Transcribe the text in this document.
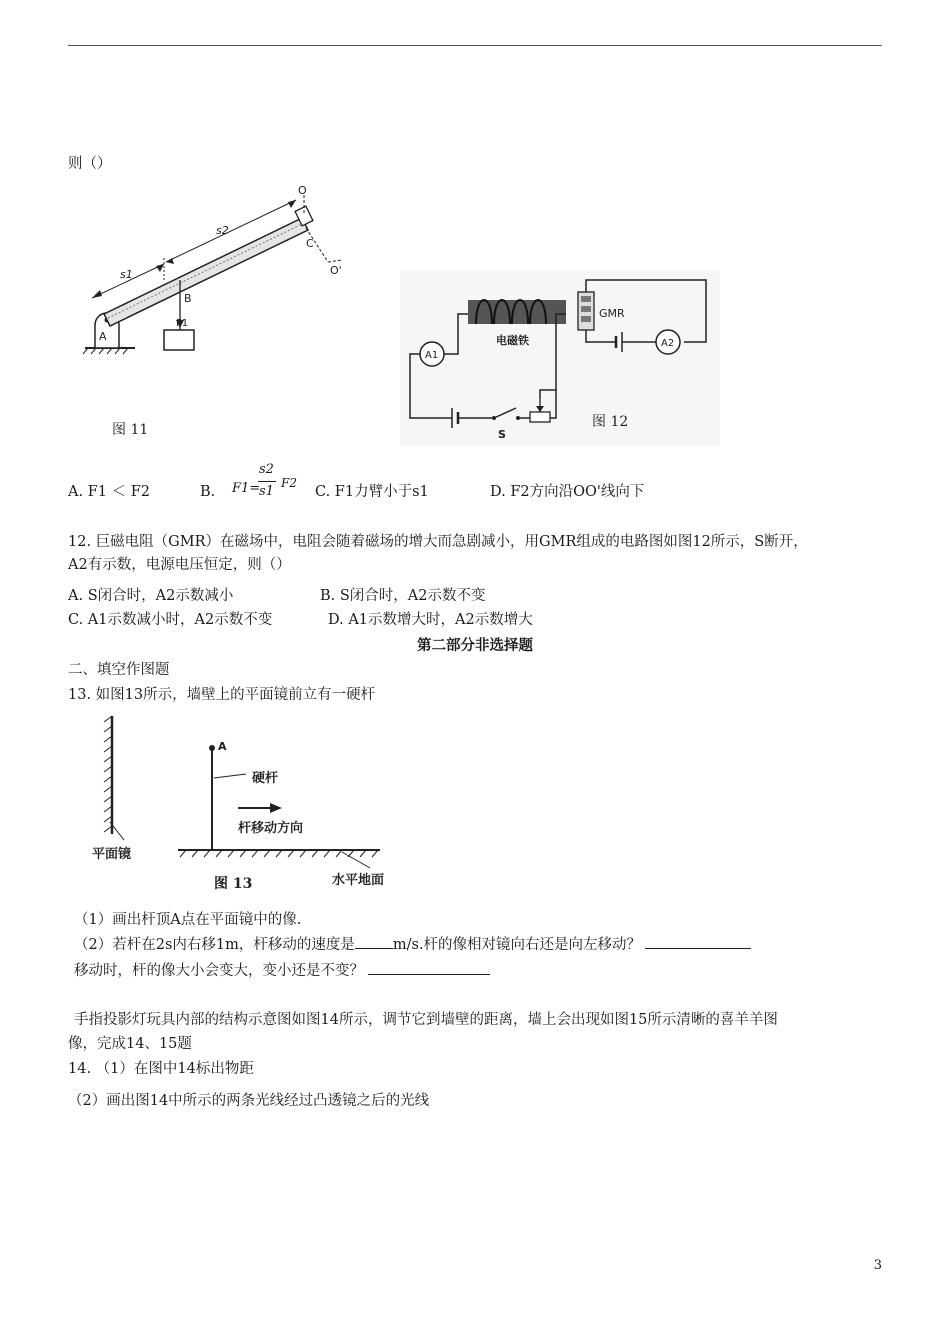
则（）
O
C
O'
s1
s2
B
A
F1
图 11
GMR
A2
电磁铁
A1
S
图 12
A. F1 ＜ F2	B. F1=
s2
s1
F2
C. F1力臂小于s1	D. F2方向沿OO'线向下
12. 巨磁电阻（GMR）在磁场中，电阻会随着磁场的增大而急剧减小，用GMR组成的电路图如图12所示，S断开，
A2有示数，电源电压恒定，则（）
A. S闭合时，A2示数减小	B. S闭合时，A2示数不变
C. A1示数减小时，A2示数不变	D. A1示数增大时，A2示数增大
第二部分非选择题
二、填空作图题
13. 如图13所示，墙壁上的平面镜前立有一硬杆
平面镜
水平地面
A
硬杆
杆移动方向
图 13
（1）画出杆顶A点在平面镜中的像.
（2）若杆在2s内右移1m，杆移动的速度是	m/s.杆的像相对镜向右还是向左移动？
移动时，杆的像大小会变大，变小还是不变？
手指投影灯玩具内部的结构示意图如图14所示，调节它到墙壁的距离，墙上会出现如图15所示清晰的喜羊羊图
像，完成14、15题
14. （1）在图中14标出物距
（2）画出图14中所示的两条光线经过凸透镜之后的光线
3
